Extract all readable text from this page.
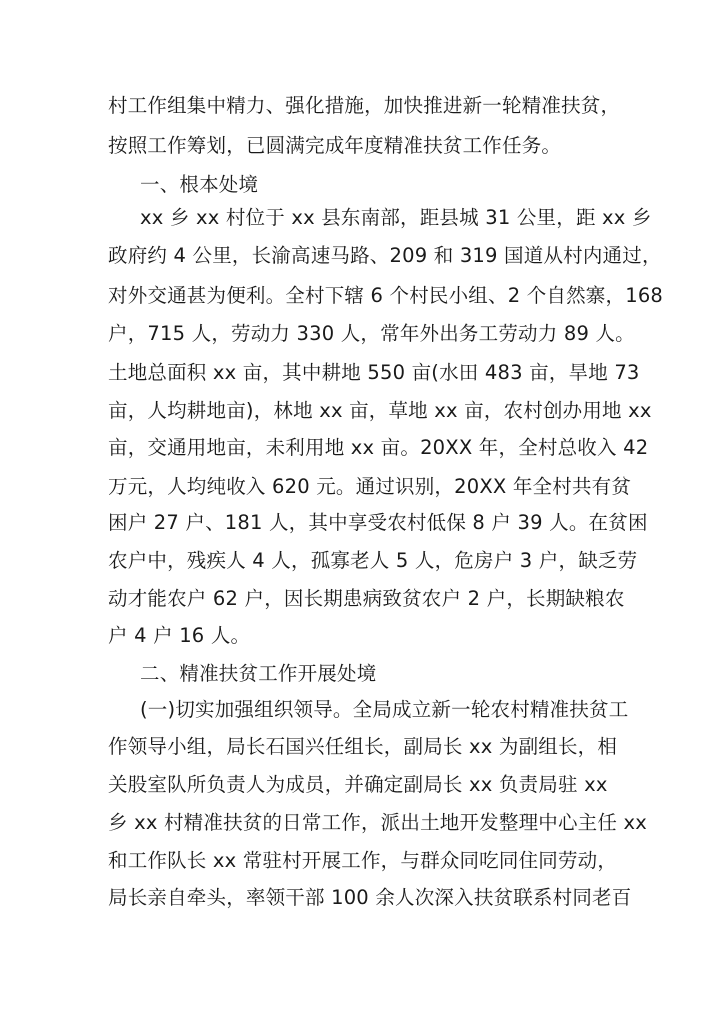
村工作组集中精力、强化措施，加快推进新一轮精准扶贫，
按照工作筹划，已圆满完成年度精准扶贫工作任务。
一、根本处境
xx 乡 xx 村位于 xx 县东南部，距县城 31 公里，距 xx 乡
政府约 4 公里，长渝高速马路、209 和 319 国道从村内通过，
对外交通甚为便利。全村下辖 6 个村民小组、2 个自然寨，168
户，715 人，劳动力 330 人，常年外出务工劳动力 89 人。
土地总面积 xx 亩，其中耕地 550 亩(水田 483 亩，旱地 73
亩，人均耕地亩)，林地 xx 亩，草地 xx 亩，农村创办用地 xx
亩，交通用地亩，未利用地 xx 亩。20XX 年，全村总收入 42
万元，人均纯收入 620 元。通过识别，20XX 年全村共有贫
困户 27 户、181 人，其中享受农村低保 8 户 39 人。在贫困
农户中，残疾人 4 人，孤寡老人 5 人，危房户 3 户，缺乏劳
动才能农户 62 户，因长期患病致贫农户 2 户，长期缺粮农
户 4 户 16 人。
二、精准扶贫工作开展处境
(一)切实加强组织领导。全局成立新一轮农村精准扶贫工
作领导小组，局长石国兴任组长，副局长 xx 为副组长，相
关股室队所负责人为成员，并确定副局长 xx 负责局驻 xx
乡 xx 村精准扶贫的日常工作，派出土地开发整理中心主任 xx
和工作队长 xx 常驻村开展工作，与群众同吃同住同劳动，
局长亲自牵头，率领干部 100 余人次深入扶贫联系村同老百
